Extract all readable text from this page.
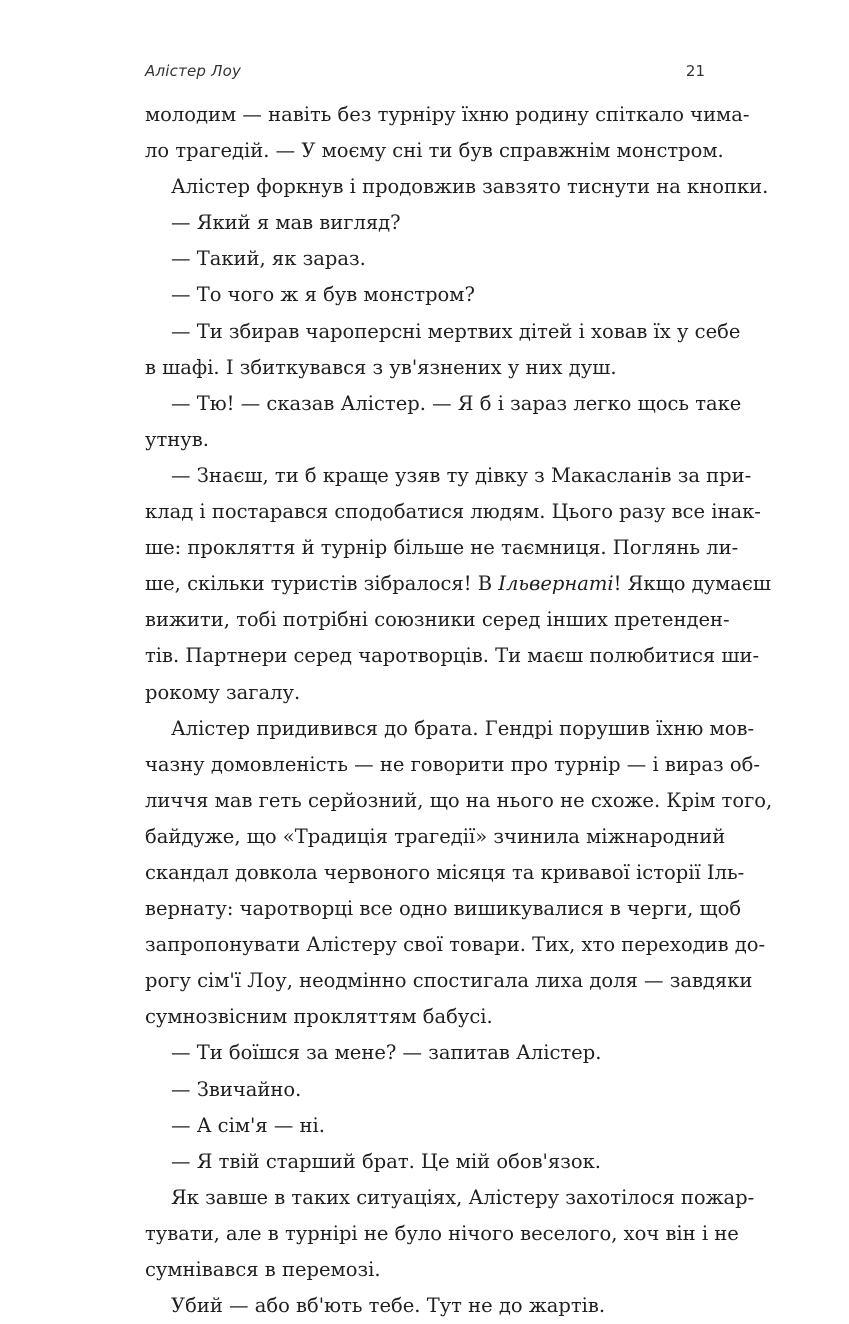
Алістер Лоу	21
молодим — навіть без турніру їхню родину спіткало чима-
ло трагедій. — У моєму сні ти був справжнім монстром.
Алістер форкнув і продовжив завзято тиснути на кнопки.
— Який я мав вигляд?
— Такий, як зараз.
— То чого ж я був монстром?
— Ти збирав чароперсні мертвих дітей і ховав їх у себе
в шафі. І збиткувався з ув'язнених у них душ.
— Тю! — сказав Алістер. — Я б і зараз легко щось таке
утнув.
— Знаєш, ти б краще узяв ту дівку з Макасланів за при-
клад і постарався сподобатися людям. Цього разу все інак-
ше: прокляття й турнір більше не таємниця. Поглянь ли-
ше, скільки туристів зібралося! В Ільвернаті! Якщо думаєш
вижити, тобі потрібні союзники серед інших претенден-
тів. Партнери серед чаротворців. Ти маєш полюбитися ши-
рокому загалу.
Алістер придивився до брата. Гендрі порушив їхню мов-
чазну домовленість — не говорити про турнір — і вираз об-
личчя мав геть серйозний, що на нього не схоже. Крім того,
байдуже, що «Традиція трагедії» зчинила міжнародний
скандал довкола червоного місяця та кривавої історії Іль-
вернату: чаротворці все одно вишикувалися в черги, щоб
запропонувати Алістеру свої товари. Тих, хто переходив до-
рогу сім'ї Лоу, неодмінно спостигала лиха доля — завдяки
сумнозвісним прокляттям бабусі.
— Ти боїшся за мене? — запитав Алістер.
— Звичайно.
— А сім'я — ні.
— Я твій старший брат. Це мій обов'язок.
Як завше в таких ситуаціях, Алістеру захотілося пожар-
тувати, але в турнірі не було нічого веселого, хоч він і не
сумнівався в перемозі.
Убий — або вб'ють тебе. Тут не до жартів.
